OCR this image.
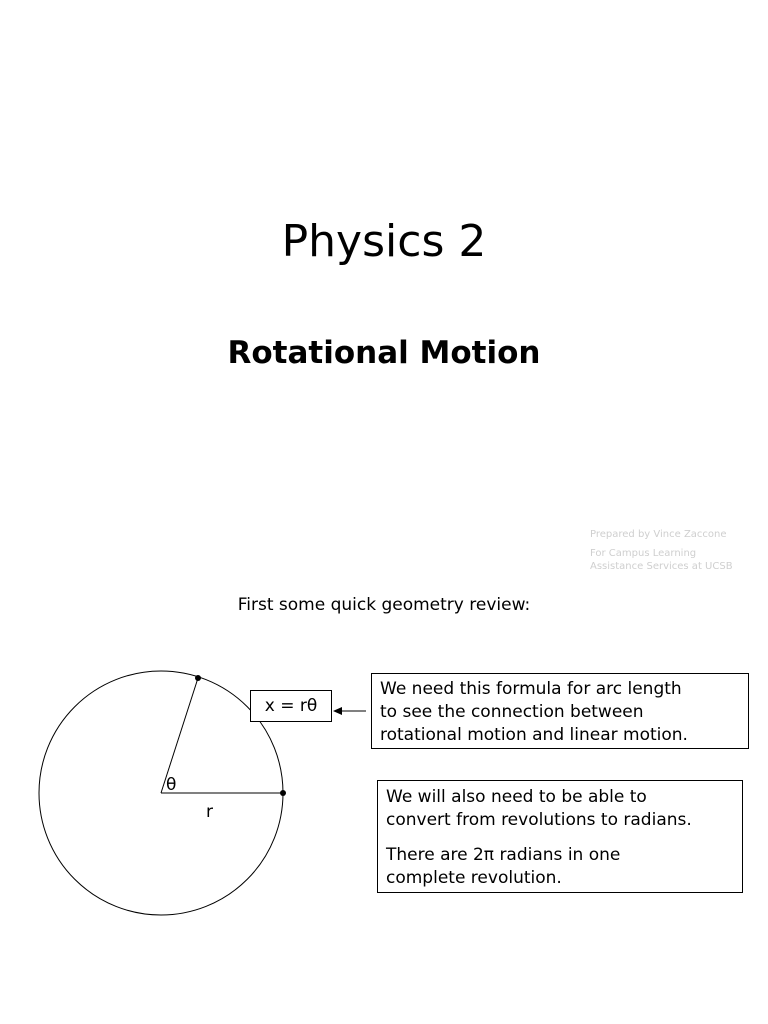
Physics 2
Rotational Motion
Prepared by Vince Zaccone
For Campus Learning
Assistance Services at UCSB
First some quick geometry review:
θ
r
x = rθ
We need this formula for arc length
to see the connection between
rotational motion and linear motion.

We will also need to be able to
convert from revolutions to radians.

There are 2π radians in one
complete revolution.
